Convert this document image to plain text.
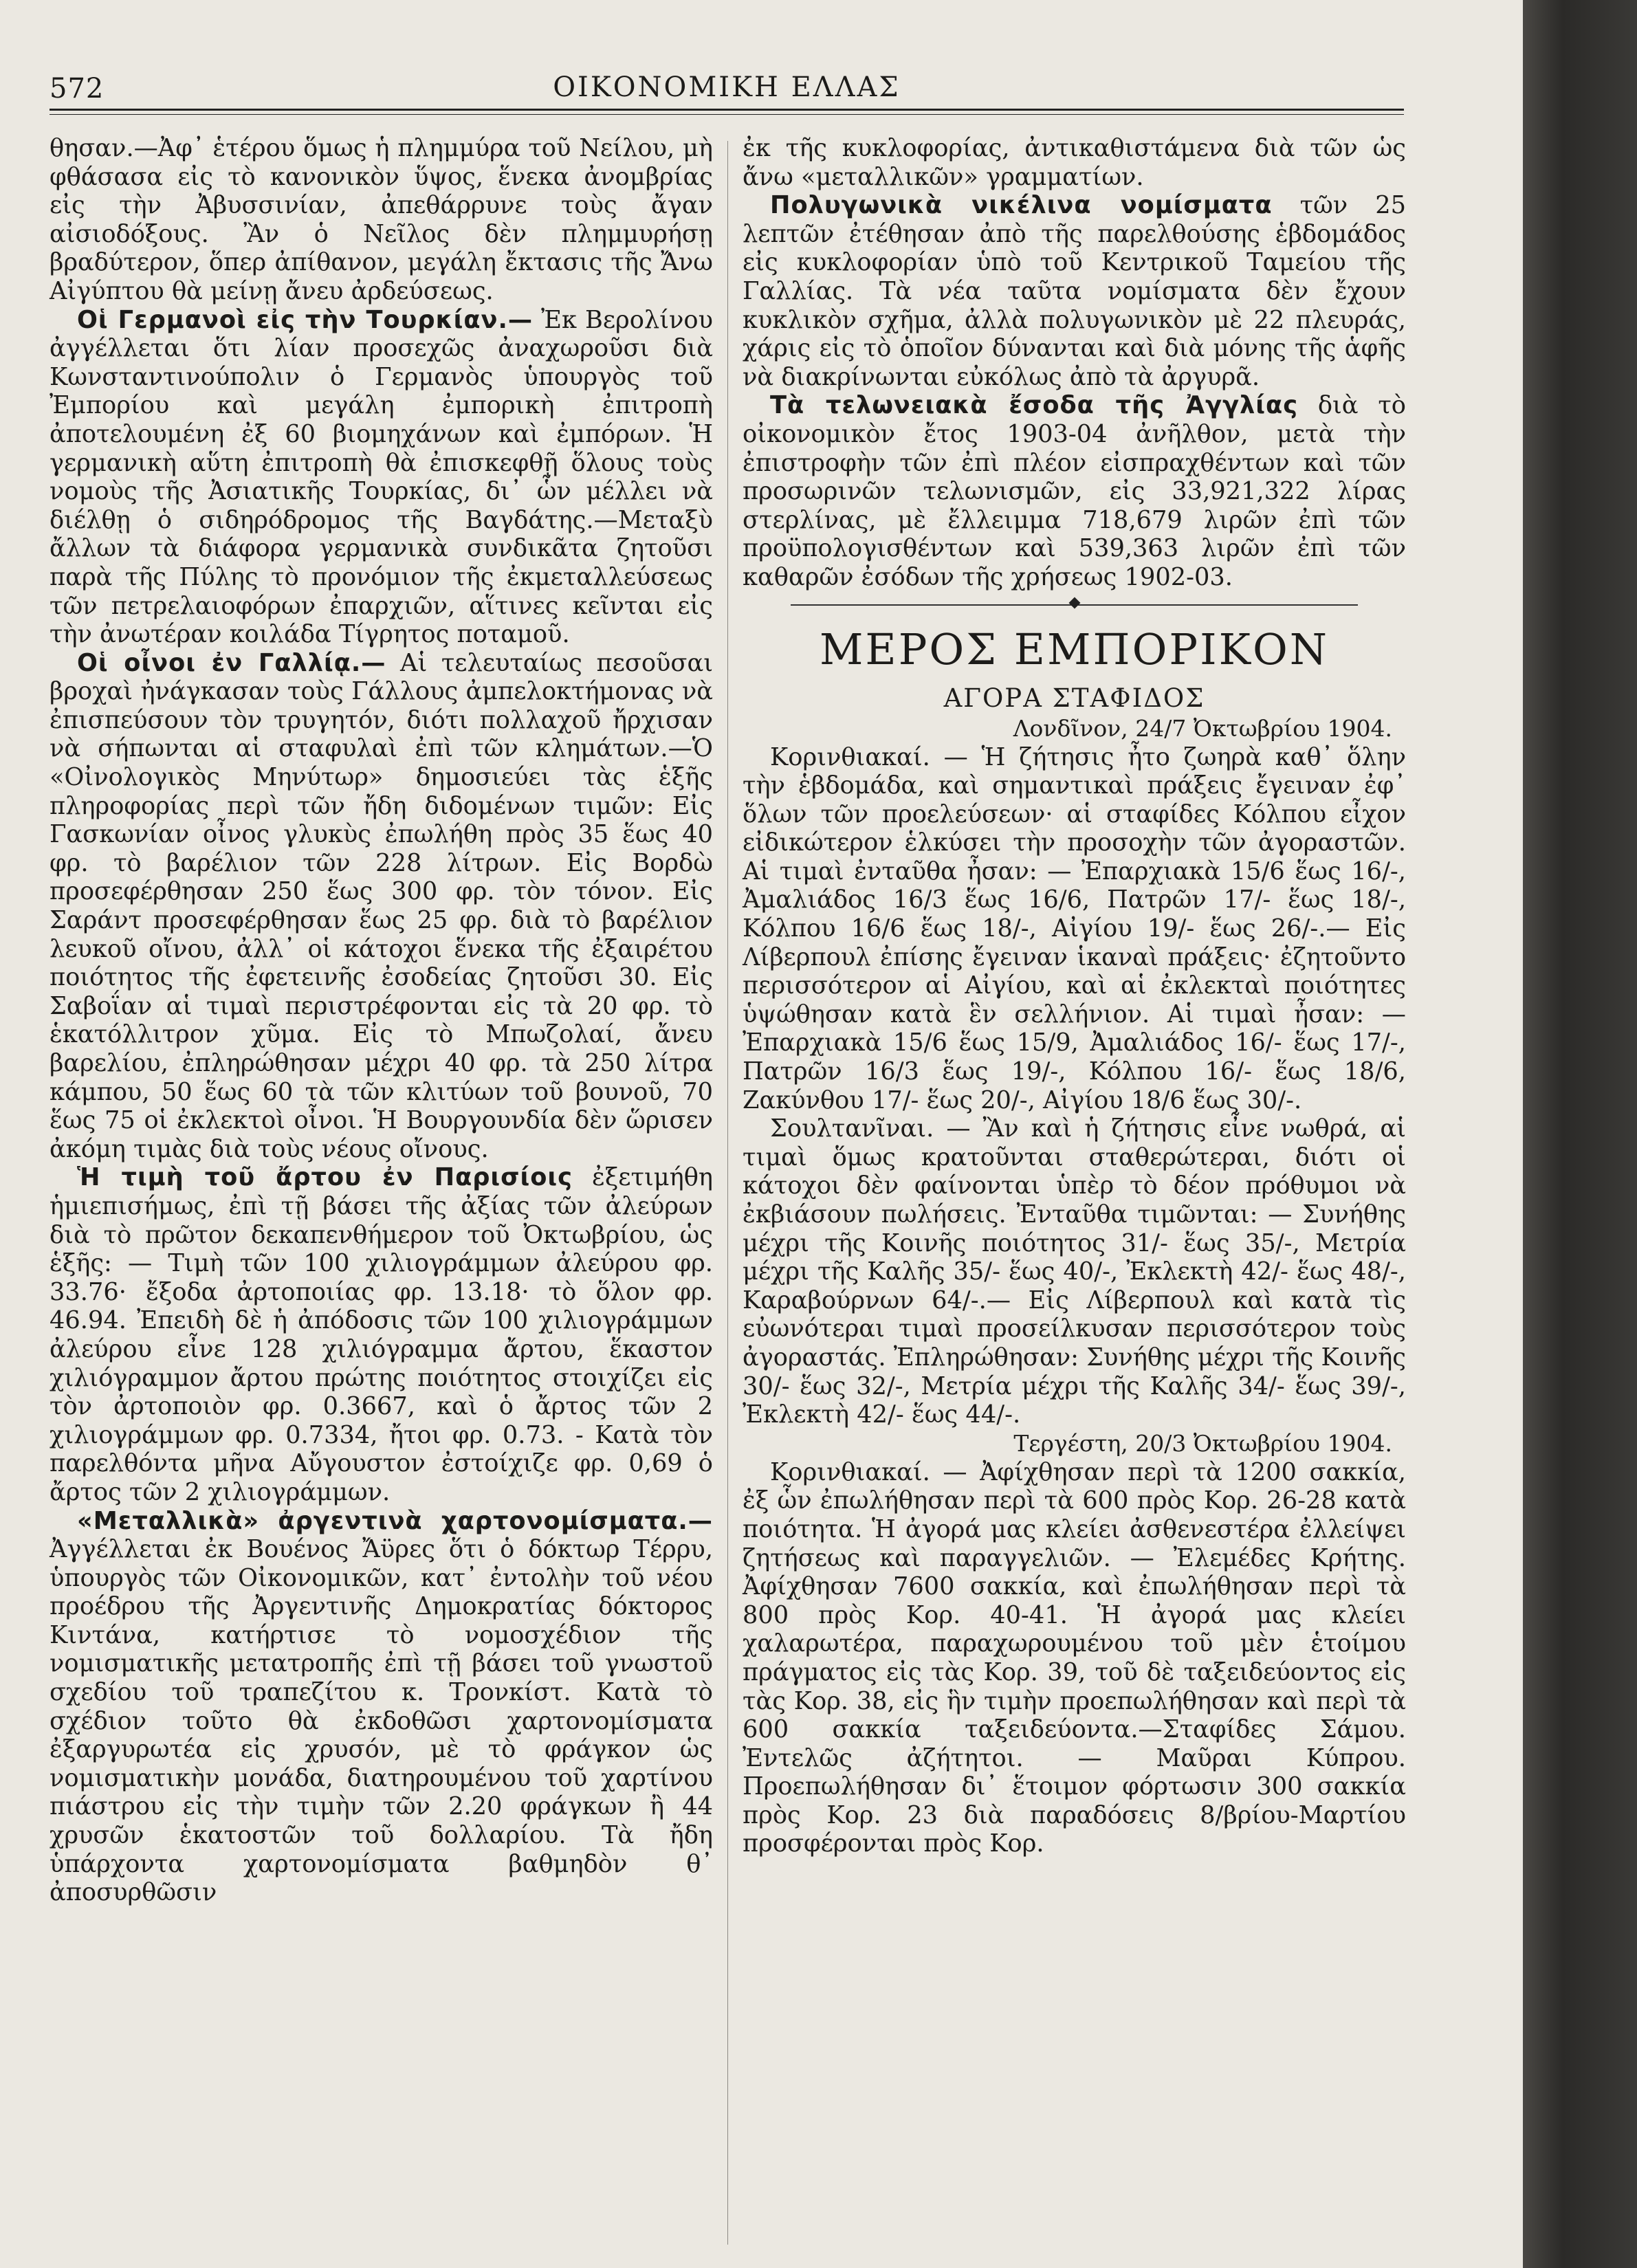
572	ΟΙΚΟΝΟΜΙΚΗ ΕΛΛΑΣ

θησαν.—Ἀφ᾽ ἑτέρου ὅμως ἡ πλημμύρα τοῦ Νείλου, μὴ φθάσασα εἰς τὸ κανονικὸν ὕψος, ἕνεκα ἀνομβρίας εἰς τὴν Ἀβυσσινίαν, ἀπεθάρρυνε τοὺς ἄγαν αἰσιοδόξους. Ἂν ὁ Νεῖλος δὲν πλημμυρήσῃ βραδύτερον, ὅπερ ἀπίθανον, μεγάλη ἔκτασις τῆς Ἄνω Αἰγύπτου θὰ μείνῃ ἄνευ ἀρδεύσεως.

Οἱ Γερμανοὶ εἰς τὴν Τουρκίαν.— Ἐκ Βερολίνου ἀγγέλλεται ὅτι λίαν προσεχῶς ἀναχωροῦσι διὰ Κωνσταντινούπολιν ὁ Γερμανὸς ὑπουργὸς τοῦ Ἐμπορίου καὶ μεγάλη ἐμπορικὴ ἐπιτροπὴ ἀποτελουμένη ἐξ 60 βιομηχάνων καὶ ἐμπόρων. Ἡ γερμανικὴ αὕτη ἐπιτροπὴ θὰ ἐπισκεφθῇ ὅλους τοὺς νομοὺς τῆς Ἀσιατικῆς Τουρκίας, δι᾽ ὧν μέλλει νὰ διέλθῃ ὁ σιδηρόδρομος τῆς Βαγδάτης.—Μεταξὺ ἄλλων τὰ διάφορα γερμανικὰ συνδικᾶτα ζητοῦσι παρὰ τῆς Πύλης τὸ προνόμιον τῆς ἐκμεταλλεύσεως τῶν πετρελαιοφόρων ἐπαρχιῶν, αἵτινες κεῖνται εἰς τὴν ἀνωτέραν κοιλάδα Τίγρητος ποταμοῦ.

Οἱ οἶνοι ἐν Γαλλίᾳ.— Αἱ τελευταίως πεσοῦσαι βροχαὶ ἠνάγκασαν τοὺς Γάλλους ἀμπελοκτήμονας νὰ ἐπισπεύσουν τὸν τρυγητόν, διότι πολλαχοῦ ἤρχισαν νὰ σήπωνται αἱ σταφυλαὶ ἐπὶ τῶν κλημάτων.—Ὁ «Οἰνολογικὸς Μηνύτωρ» δημοσιεύει τὰς ἑξῆς πληροφορίας περὶ τῶν ἤδη διδομένων τιμῶν: Εἰς Γασκωνίαν οἶνος γλυκὺς ἐπωλήθη πρὸς 35 ἕως 40 φρ. τὸ βαρέλιον τῶν 228 λίτρων. Εἰς Βορδὼ προσεφέρθησαν 250 ἕως 300 φρ. τὸν τόνον. Εἰς Σαράντ προσεφέρθησαν ἕως 25 φρ. διὰ τὸ βαρέλιον λευκοῦ οἴνου, ἀλλ᾽ οἱ κάτοχοι ἕνεκα τῆς ἐξαιρέτου ποιότητος τῆς ἐφετεινῆς ἐσοδείας ζητοῦσι 30. Εἰς Σαβοΐαν αἱ τιμαὶ περιστρέφονται εἰς τὰ 20 φρ. τὸ ἑκατόλλιτρον χῦμα. Εἰς τὸ Μπωζολαί, ἄνευ βαρελίου, ἐπληρώθησαν μέχρι 40 φρ. τὰ 250 λίτρα κάμπου, 50 ἕως 60 τὰ τῶν κλιτύων τοῦ βουνοῦ, 70 ἕως 75 οἱ ἐκλεκτοὶ οἶνοι. Ἡ Βουργουνδία δὲν ὥρισεν ἀκόμη τιμὰς διὰ τοὺς νέους οἴνους.

Ἡ τιμὴ τοῦ ἄρτου ἐν Παρισίοις ἐξετιμήθη ἡμιεπισήμως, ἐπὶ τῇ βάσει τῆς ἀξίας τῶν ἀλεύρων διὰ τὸ πρῶτον δεκαπενθήμερον τοῦ Ὀκτωβρίου, ὡς ἑξῆς: — Τιμὴ τῶν 100 χιλιογράμμων ἀλεύρου φρ. 33.76· ἔξοδα ἀρτοποιίας φρ. 13.18· τὸ ὅλον φρ. 46.94. Ἐπειδὴ δὲ ἡ ἀπόδοσις τῶν 100 χιλιογράμμων ἀλεύρου εἶνε 128 χιλιόγραμμα ἄρτου, ἕκαστον χιλιόγραμμον ἄρτου πρώτης ποιότητος στοιχίζει εἰς τὸν ἀρτοποιὸν φρ. 0.3667, καὶ ὁ ἄρτος τῶν 2 χιλιογράμμων φρ. 0.7334, ἤτοι φρ. 0.73. - Κατὰ τὸν παρελθόντα μῆνα Αὔγουστον ἐστοίχιζε φρ. 0,69 ὁ ἄρτος τῶν 2 χιλιογράμμων.

«Μεταλλικὰ» ἀργεντινὰ χαρτονομίσματα.— Ἀγγέλλεται ἐκ Βουένος Ἄϋρες ὅτι ὁ δόκτωρ Τέρρυ, ὑπουργὸς τῶν Οἰκονομικῶν, κατ᾽ ἐντολὴν τοῦ νέου προέδρου τῆς Ἀργεντινῆς Δημοκρατίας δόκτορος Κιντάνα, κατήρτισε τὸ νομοσχέδιον τῆς νομισματικῆς μετατροπῆς ἐπὶ τῇ βάσει τοῦ γνωστοῦ σχεδίου τοῦ τραπεζίτου κ. Τρονκίστ. Κατὰ τὸ σχέδιον τοῦτο θὰ ἐκδοθῶσι χαρτονομίσματα ἐξαργυρωτέα εἰς χρυσόν, μὲ τὸ φράγκον ὡς νομισματικὴν μονάδα, διατηρουμένου τοῦ χαρτίνου πιάστρου εἰς τὴν τιμὴν τῶν 2.20 φράγκων ἢ 44 χρυσῶν ἑκατοστῶν τοῦ δολλαρίου. Τὰ ἤδη ὑπάρχοντα χαρτονομίσματα βαθμηδὸν θ᾽ ἀποσυρθῶσιν

ἐκ τῆς κυκλοφορίας, ἀντικαθιστάμενα διὰ τῶν ὡς ἄνω «μεταλλικῶν» γραμματίων.

Πολυγωνικὰ νικέλινα νομίσματα τῶν 25 λεπτῶν ἐτέθησαν ἀπὸ τῆς παρελθούσης ἑβδομάδος εἰς κυκλοφορίαν ὑπὸ τοῦ Κεντρικοῦ Ταμείου τῆς Γαλλίας. Τὰ νέα ταῦτα νομίσματα δὲν ἔχουν κυκλικὸν σχῆμα, ἀλλὰ πολυγωνικὸν μὲ 22 πλευράς, χάρις εἰς τὸ ὁποῖον δύνανται καὶ διὰ μόνης τῆς ἁφῆς νὰ διακρίνωνται εὐκόλως ἀπὸ τὰ ἀργυρᾶ.

Τὰ τελωνειακὰ ἔσοδα τῆς Ἀγγλίας διὰ τὸ οἰκονομικὸν ἔτος 1903-04 ἀνῆλθον, μετὰ τὴν ἐπιστροφὴν τῶν ἐπὶ πλέον εἰσπραχθέντων καὶ τῶν προσωρινῶν τελωνισμῶν, εἰς 33,921,322 λίρας στερλίνας, μὲ ἔλλειμμα 718,679 λιρῶν ἐπὶ τῶν προϋπολογισθέντων καὶ 539,363 λιρῶν ἐπὶ τῶν καθαρῶν ἐσόδων τῆς χρήσεως 1902-03.

ΜΕΡΟΣ ΕΜΠΟΡΙΚΟΝ
ΑΓΟΡΑ ΣΤΑΦΙΔΟΣ
Λονδῖνον, 24/7 Ὀκτωβρίου 1904.

Κορινθιακαί. — Ἡ ζήτησις ἦτο ζωηρὰ καθ᾽ ὅλην τὴν ἑβδομάδα, καὶ σημαντικαὶ πράξεις ἔγειναν ἐφ᾽ ὅλων τῶν προελεύσεων· αἱ σταφίδες Κόλπου εἶχον εἰδικώτερον ἑλκύσει τὴν προσοχὴν τῶν ἀγοραστῶν. Αἱ τιμαὶ ἐνταῦθα ἦσαν: — Ἐπαρχιακὰ 15/6 ἕως 16/-, Ἀμαλιάδος 16/3 ἕως 16/6, Πατρῶν 17/- ἕως 18/-, Κόλπου 16/6 ἕως 18/-, Αἰγίου 19/- ἕως 26/-.— Εἰς Λίβερπουλ ἐπίσης ἔγειναν ἱκαναὶ πράξεις· ἐζητοῦντο περισσότερον αἱ Αἰγίου, καὶ αἱ ἐκλεκταὶ ποιότητες ὑψώθησαν κατὰ ἓν σελλήνιον. Αἱ τιμαὶ ἦσαν: — Ἐπαρχιακὰ 15/6 ἕως 15/9, Ἀμαλιάδος 16/- ἕως 17/-, Πατρῶν 16/3 ἕως 19/-, Κόλπου 16/- ἕως 18/6, Ζακύνθου 17/- ἕως 20/-, Αἰγίου 18/6 ἕως 30/-.

Σουλτανῖναι. — Ἂν καὶ ἡ ζήτησις εἶνε νωθρά, αἱ τιμαὶ ὅμως κρατοῦνται σταθερώτεραι, διότι οἱ κάτοχοι δὲν φαίνονται ὑπὲρ τὸ δέον πρόθυμοι νὰ ἐκβιάσουν πωλήσεις. Ἐνταῦθα τιμῶνται: — Συνήθης μέχρι τῆς Κοινῆς ποιότητος 31/- ἕως 35/-, Μετρία μέχρι τῆς Καλῆς 35/- ἕως 40/-, Ἐκλεκτὴ 42/- ἕως 48/-, Καραβούρνων 64/-.— Εἰς Λίβερπουλ καὶ κατὰ τὶς εὐωνότεραι τιμαὶ προσείλκυσαν περισσότερον τοὺς ἀγοραστάς. Ἐπληρώθησαν: Συνήθης μέχρι τῆς Κοινῆς 30/- ἕως 32/-, Μετρία μέχρι τῆς Καλῆς 34/- ἕως 39/-, Ἐκλεκτὴ 42/- ἕως 44/-.

Τεργέστη, 20/3 Ὀκτωβρίου 1904.

Κορινθιακαί. — Ἀφίχθησαν περὶ τὰ 1200 σακκία, ἐξ ὧν ἐπωλήθησαν περὶ τὰ 600 πρὸς Κορ. 26-28 κατὰ ποιότητα. Ἡ ἀγορά μας κλείει ἀσθενεστέρα ἐλλείψει ζητήσεως καὶ παραγγελιῶν. — Ἐλεμέδες Κρήτης. Ἀφίχθησαν 7600 σακκία, καὶ ἐπωλήθησαν περὶ τὰ 800 πρὸς Κορ. 40-41. Ἡ ἀγορά μας κλείει χαλαρωτέρα, παραχωρουμένου τοῦ μὲν ἑτοίμου πράγματος εἰς τὰς Κορ. 39, τοῦ δὲ ταξειδεύοντος εἰς τὰς Κορ. 38, εἰς ἣν τιμὴν προεπωλήθησαν καὶ περὶ τὰ 600 σακκία ταξειδεύοντα.—Σταφίδες Σάμου. Ἐντελῶς ἀζήτητοι. — Μαῦραι Κύπρου. Προεπωλήθησαν δι᾽ ἕτοιμον φόρτωσιν 300 σακκία πρὸς Κορ. 23 διὰ παραδόσεις 8/βρίου-Μαρτίου προσφέρονται πρὸς Κορ.
